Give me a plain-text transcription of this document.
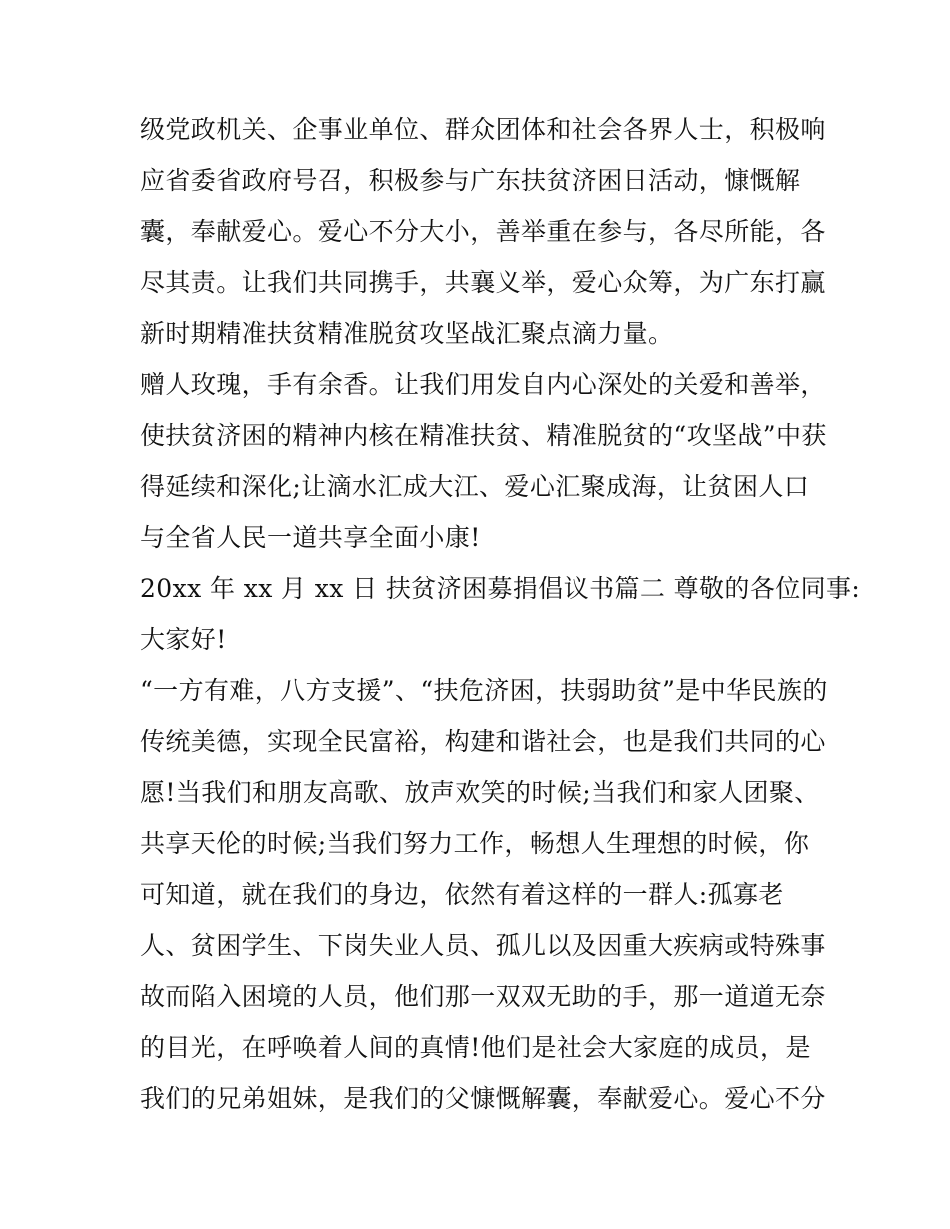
级党政机关、企事业单位、群众团体和社会各界人士，积极响
应省委省政府号召，积极参与广东扶贫济困日活动，慷慨解
囊，奉献爱心。爱心不分大小，善举重在参与，各尽所能，各
尽其责。让我们共同携手，共襄义举，爱心众筹，为广东打赢
新时期精准扶贫精准脱贫攻坚战汇聚点滴力量。
赠人玫瑰，手有余香。让我们用发自内心深处的关爱和善举，
使扶贫济困的精神内核在精准扶贫、精准脱贫的“攻坚战”中获
得延续和深化;让滴水汇成大江、爱心汇聚成海，让贫困人口
与全省人民一道共享全面小康!
20xx 年 xx 月 xx 日 扶贫济困募捐倡议书篇二 尊敬的各位同事:
大家好!
“一方有难，八方支援”、“扶危济困，扶弱助贫”是中华民族的
传统美德，实现全民富裕，构建和谐社会，也是我们共同的心
愿!当我们和朋友高歌、放声欢笑的时候;当我们和家人团聚、
共享天伦的时候;当我们努力工作，畅想人生理想的时候，你
可知道，就在我们的身边，依然有着这样的一群人:孤寡老
人、贫困学生、下岗失业人员、孤儿以及因重大疾病或特殊事
故而陷入困境的人员，他们那一双双无助的手，那一道道无奈
的目光，在呼唤着人间的真情!他们是社会大家庭的成员，是
我们的兄弟姐妹，是我们的父慷慨解囊，奉献爱心。爱心不分
